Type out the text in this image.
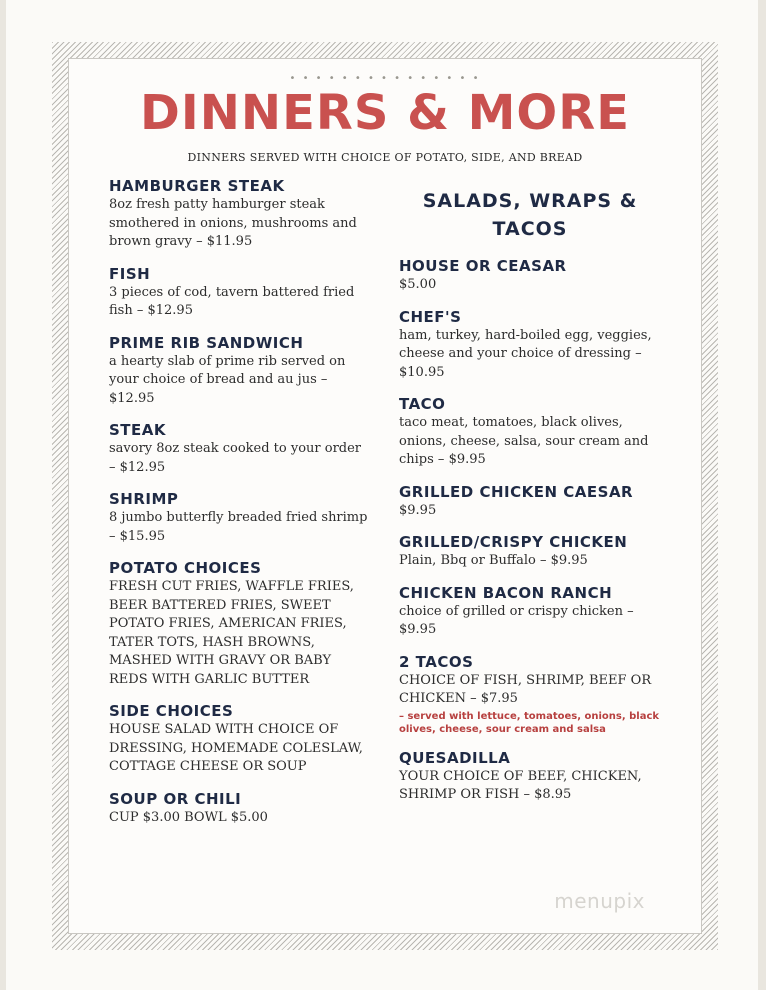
• • • • • • • • • • • • • • •
DINNERS & MORE
DINNERS SERVED WITH CHOICE OF POTATO, SIDE, AND BREAD
HAMBURGER STEAK
8oz fresh patty hamburger steak smothered in onions, mushrooms and brown gravy – $11.95
FISH
3 pieces of cod, tavern battered fried fish – $12.95
PRIME RIB SANDWICH
a hearty slab of prime rib served on your choice of bread and au jus – $12.95
STEAK
savory 8oz steak cooked to your order – $12.95
SHRIMP
8 jumbo butterfly breaded fried shrimp – $15.95
POTATO CHOICES
FRESH CUT FRIES, WAFFLE FRIES, BEER BATTERED FRIES, SWEET POTATO FRIES, AMERICAN FRIES, TATER TOTS, HASH BROWNS, MASHED WITH GRAVY OR BABY REDS WITH GARLIC BUTTER
SIDE CHOICES
HOUSE SALAD WITH CHOICE OF DRESSING, HOMEMADE COLESLAW, COTTAGE CHEESE OR SOUP
SOUP OR CHILI
CUP $3.00 BOWL $5.00
SALADS, WRAPS & TACOS
HOUSE OR CEASAR
$5.00
CHEF'S
ham, turkey, hard-boiled egg, veggies, cheese and your choice of dressing – $10.95
TACO
taco meat, tomatoes, black olives, onions, cheese, salsa, sour cream and chips – $9.95
GRILLED CHICKEN CAESAR
$9.95
GRILLED/CRISPY CHICKEN
Plain, Bbq or Buffalo – $9.95
CHICKEN BACON RANCH
choice of grilled or crispy chicken – $9.95
2 TACOS
CHOICE OF FISH, SHRIMP, BEEF OR CHICKEN – $7.95
– served with lettuce, tomatoes, onions, black olives, cheese, sour cream and salsa
QUESADILLA
YOUR CHOICE OF BEEF, CHICKEN, SHRIMP OR FISH – $8.95
menupix
